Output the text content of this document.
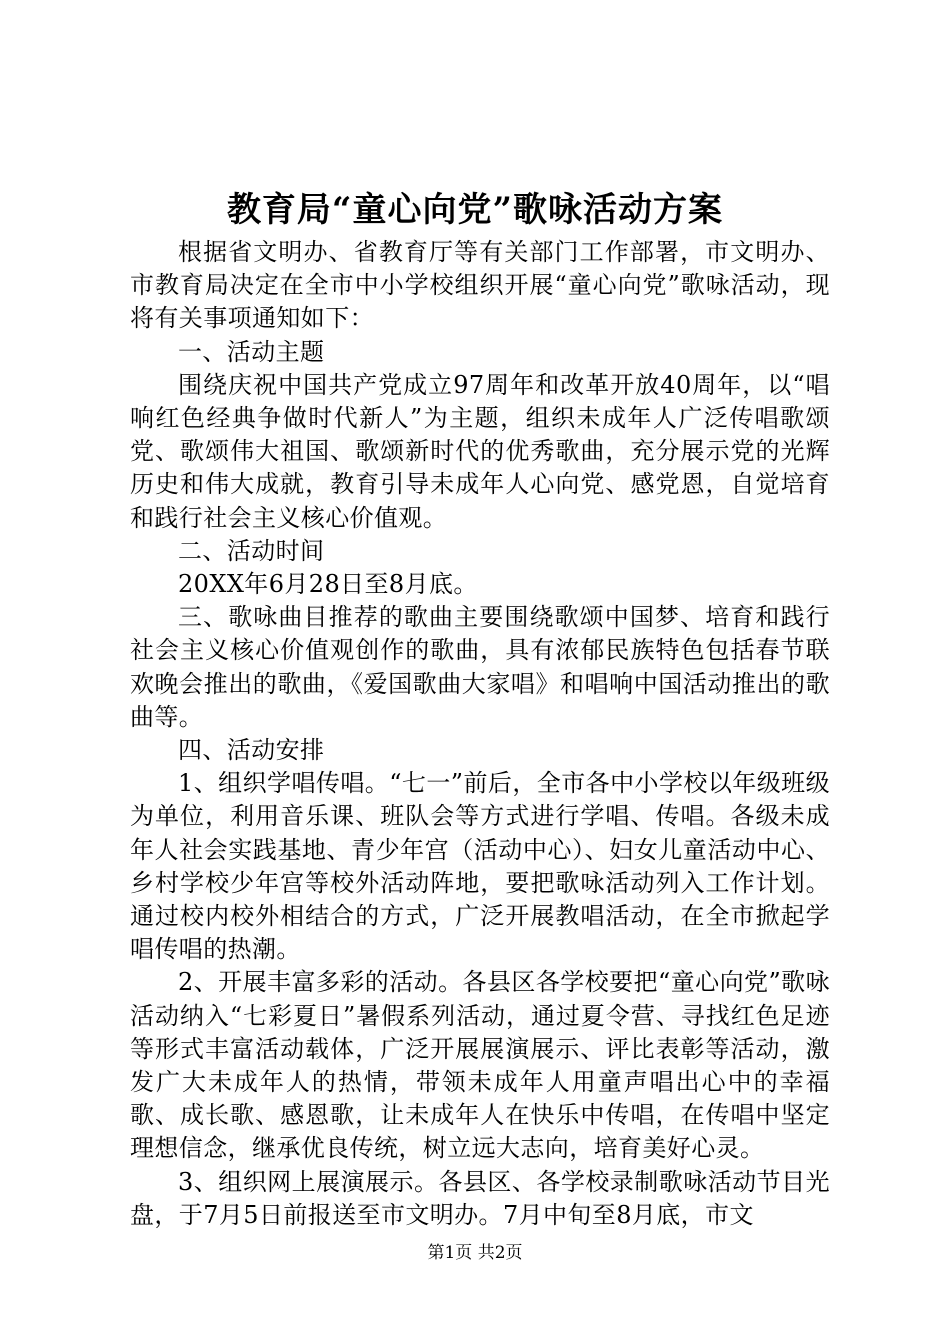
教育局“童心向党”歌咏活动方案

根据省文明办、省教育厅等有关部门工作部署，市文明办、市教育局决定在全市中小学校组织开展“童心向党”歌咏活动，现将有关事项通知如下：

一、活动主题

围绕庆祝中国共产党成立97周年和改革开放40周年，以“唱响红色经典争做时代新人”为主题，组织未成年人广泛传唱歌颂党、歌颂伟大祖国、歌颂新时代的优秀歌曲，充分展示党的光辉历史和伟大成就，教育引导未成年人心向党、感党恩，自觉培育和践行社会主义核心价值观。

二、活动时间

20XX年6月28日至8月底。

三、歌咏曲目推荐的歌曲主要围绕歌颂中国梦、培育和践行社会主义核心价值观创作的歌曲，具有浓郁民族特色包括春节联欢晚会推出的歌曲，《爱国歌曲大家唱》和唱响中国活动推出的歌曲等。

四、活动安排

1、组织学唱传唱。“七一”前后，全市各中小学校以年级班级为单位，利用音乐课、班队会等方式进行学唱、传唱。各级未成年人社会实践基地、青少年宫（活动中心）、妇女儿童活动中心、乡村学校少年宫等校外活动阵地，要把歌咏活动列入工作计划。通过校内校外相结合的方式，广泛开展教唱活动，在全市掀起学唱传唱的热潮。

2、开展丰富多彩的活动。各县区各学校要把“童心向党”歌咏活动纳入“七彩夏日”暑假系列活动，通过夏令营、寻找红色足迹等形式丰富活动载体，广泛开展展演展示、评比表彰等活动，激发广大未成年人的热情，带领未成年人用童声唱出心中的幸福歌、成长歌、感恩歌，让未成年人在快乐中传唱，在传唱中坚定理想信念，继承优良传统，树立远大志向，培育美好心灵。

3、组织网上展演展示。各县区、各学校录制歌咏活动节目光盘，于7月5日前报送至市文明办。7月中旬至8月底，市文

第1页 共2页
